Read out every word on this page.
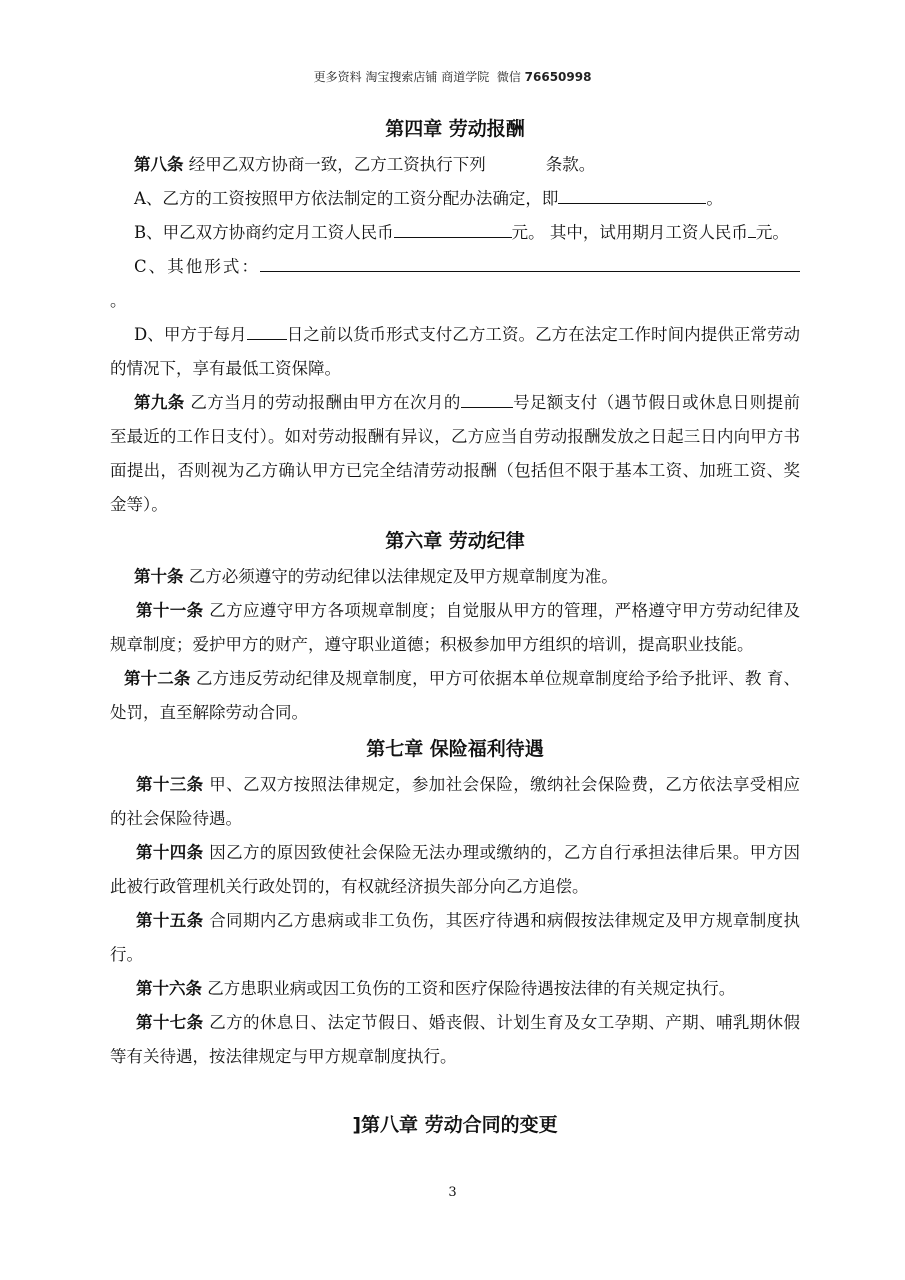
更多资料 淘宝搜索店铺 商道学院  微信 76650998
第四章 劳动报酬

第八条 经甲乙双方协商一致，乙方工资执行下列	条款。

A、乙方的工资按照甲方依法制定的工资分配办法确定，即	。

B、甲乙双方协商约定月工资人民币	元。 其中，试用期月工资人民币 元。

C、其他形式：。

D、甲方于每月 日之前以货币形式支付乙方工资。乙方在法定工作时间内提供正常劳动的情况下，享有最低工资保障。

第九条 乙方当月的劳动报酬由甲方在次月的	号足额支付（遇节假日或休息日则提前至最近的工作日支付）。如对劳动报酬有异议，乙方应当自劳动报酬发放之日起三日内向甲方书面提出，否则视为乙方确认甲方已完全结清劳动报酬（包括但不限于基本工资、加班工资、奖金等）。

第六章 劳动纪律

第十条 乙方必须遵守的劳动纪律以法律规定及甲方规章制度为准。

第十一条 乙方应遵守甲方各项规章制度；自觉服从甲方的管理，严格遵守甲方劳动纪律及规章制度；爱护甲方的财产，遵守职业道德；积极参加甲方组织的培训，提高职业技能。

第十二条 乙方违反劳动纪律及规章制度，甲方可依据本单位规章制度给予给予批评、教 育、处罚，直至解除劳动合同。

第七章 保险福利待遇

第十三条 甲、乙双方按照法律规定，参加社会保险，缴纳社会保险费，乙方依法享受相应的社会保险待遇。

第十四条 因乙方的原因致使社会保险无法办理或缴纳的，乙方自行承担法律后果。甲方因此被行政管理机关行政处罚的，有权就经济损失部分向乙方追偿。

第十五条 合同期内乙方患病或非工负伤，其医疗待遇和病假按法律规定及甲方规章制度执行。

第十六条 乙方患职业病或因工负伤的工资和医疗保险待遇按法律的有关规定执行。

第十七条 乙方的休息日、法定节假日、婚丧假、计划生育及女工孕期、产期、哺乳期休假等有关待遇，按法律规定与甲方规章制度执行。

]第八章 劳动合同的变更
3
